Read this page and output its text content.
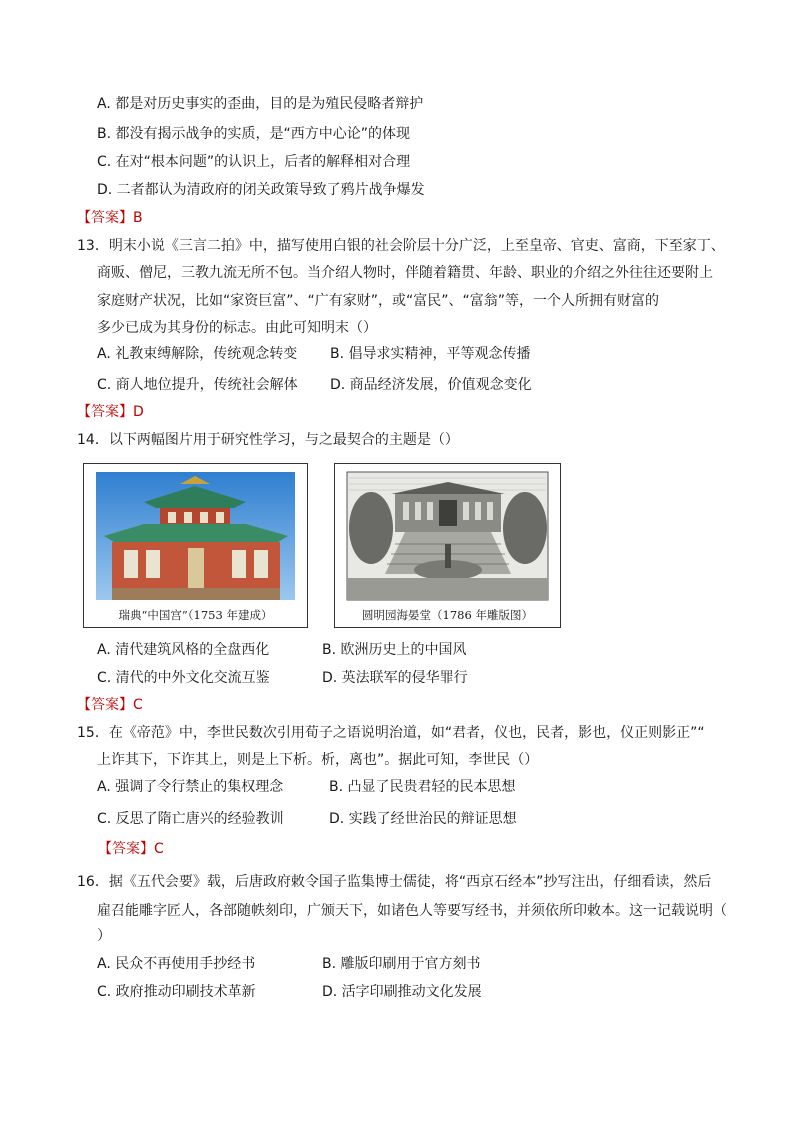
A. 都是对历史事实的歪曲，目的是为殖民侵略者辩护
B. 都没有揭示战争的实质，是“西方中心论”的体现
C. 在对“根本问题”的认识上，后者的解释相对合理
D. 二者都认为清政府的闭关政策导致了鸦片战争爆发
【答案】B
13．明末小说《三言二拍》中，描写使用白银的社会阶层十分广泛，上至皇帝、官吏、富商，下至家丁、
商贩、僧尼，三教九流无所不包。当介绍人物时，伴随着籍贯、年龄、职业的介绍之外往往还要附上
家庭财产状况，比如“家资巨富”、“广有家财”，或“富民”、“富翁”等，一个人所拥有财富的
多少已成为其身份的标志。由此可知明末（）
A. 礼教束缚解除，传统观念转变 B. 倡导求实精神，平等观念传播
C. 商人地位提升，传统社会解体 D. 商品经济发展，价值观念变化
【答案】D
14．以下两幅图片用于研究性学习，与之最契合的主题是（）
瑞典“中国宫”（1753 年建成）	圆明园海晏堂（1786 年雕版图）
A. 清代建筑风格的全盘西化	B. 欧洲历史上的中国风
C. 清代的中外文化交流互鉴	D. 英法联军的侵华罪行
【答案】C
15．在《帝范》中，李世民数次引用荀子之语说明治道，如“君者，仪也，民者，影也，仪正则影正”“
上诈其下，下诈其上，则是上下析。析，离也”。据此可知，李世民（）
A. 强调了令行禁止的集权理念	B. 凸显了民贵君轻的民本思想
C. 反思了隋亡唐兴的经验教训	D. 实践了经世治民的辩证思想
【答案】C
16．据《五代会要》载，后唐政府敕令国子监集博士儒徒，将“西京石经本”抄写注出，仔细看读，然后
雇召能雕字匠人，各部随帙刻印，广颁天下，如诸色人等要写经书，并须依所印敕本。这一记载说明（
）
A. 民众不再使用手抄经书	B. 雕版印刷用于官方刻书
C. 政府推动印刷技术革新	D. 活字印刷推动文化发展
